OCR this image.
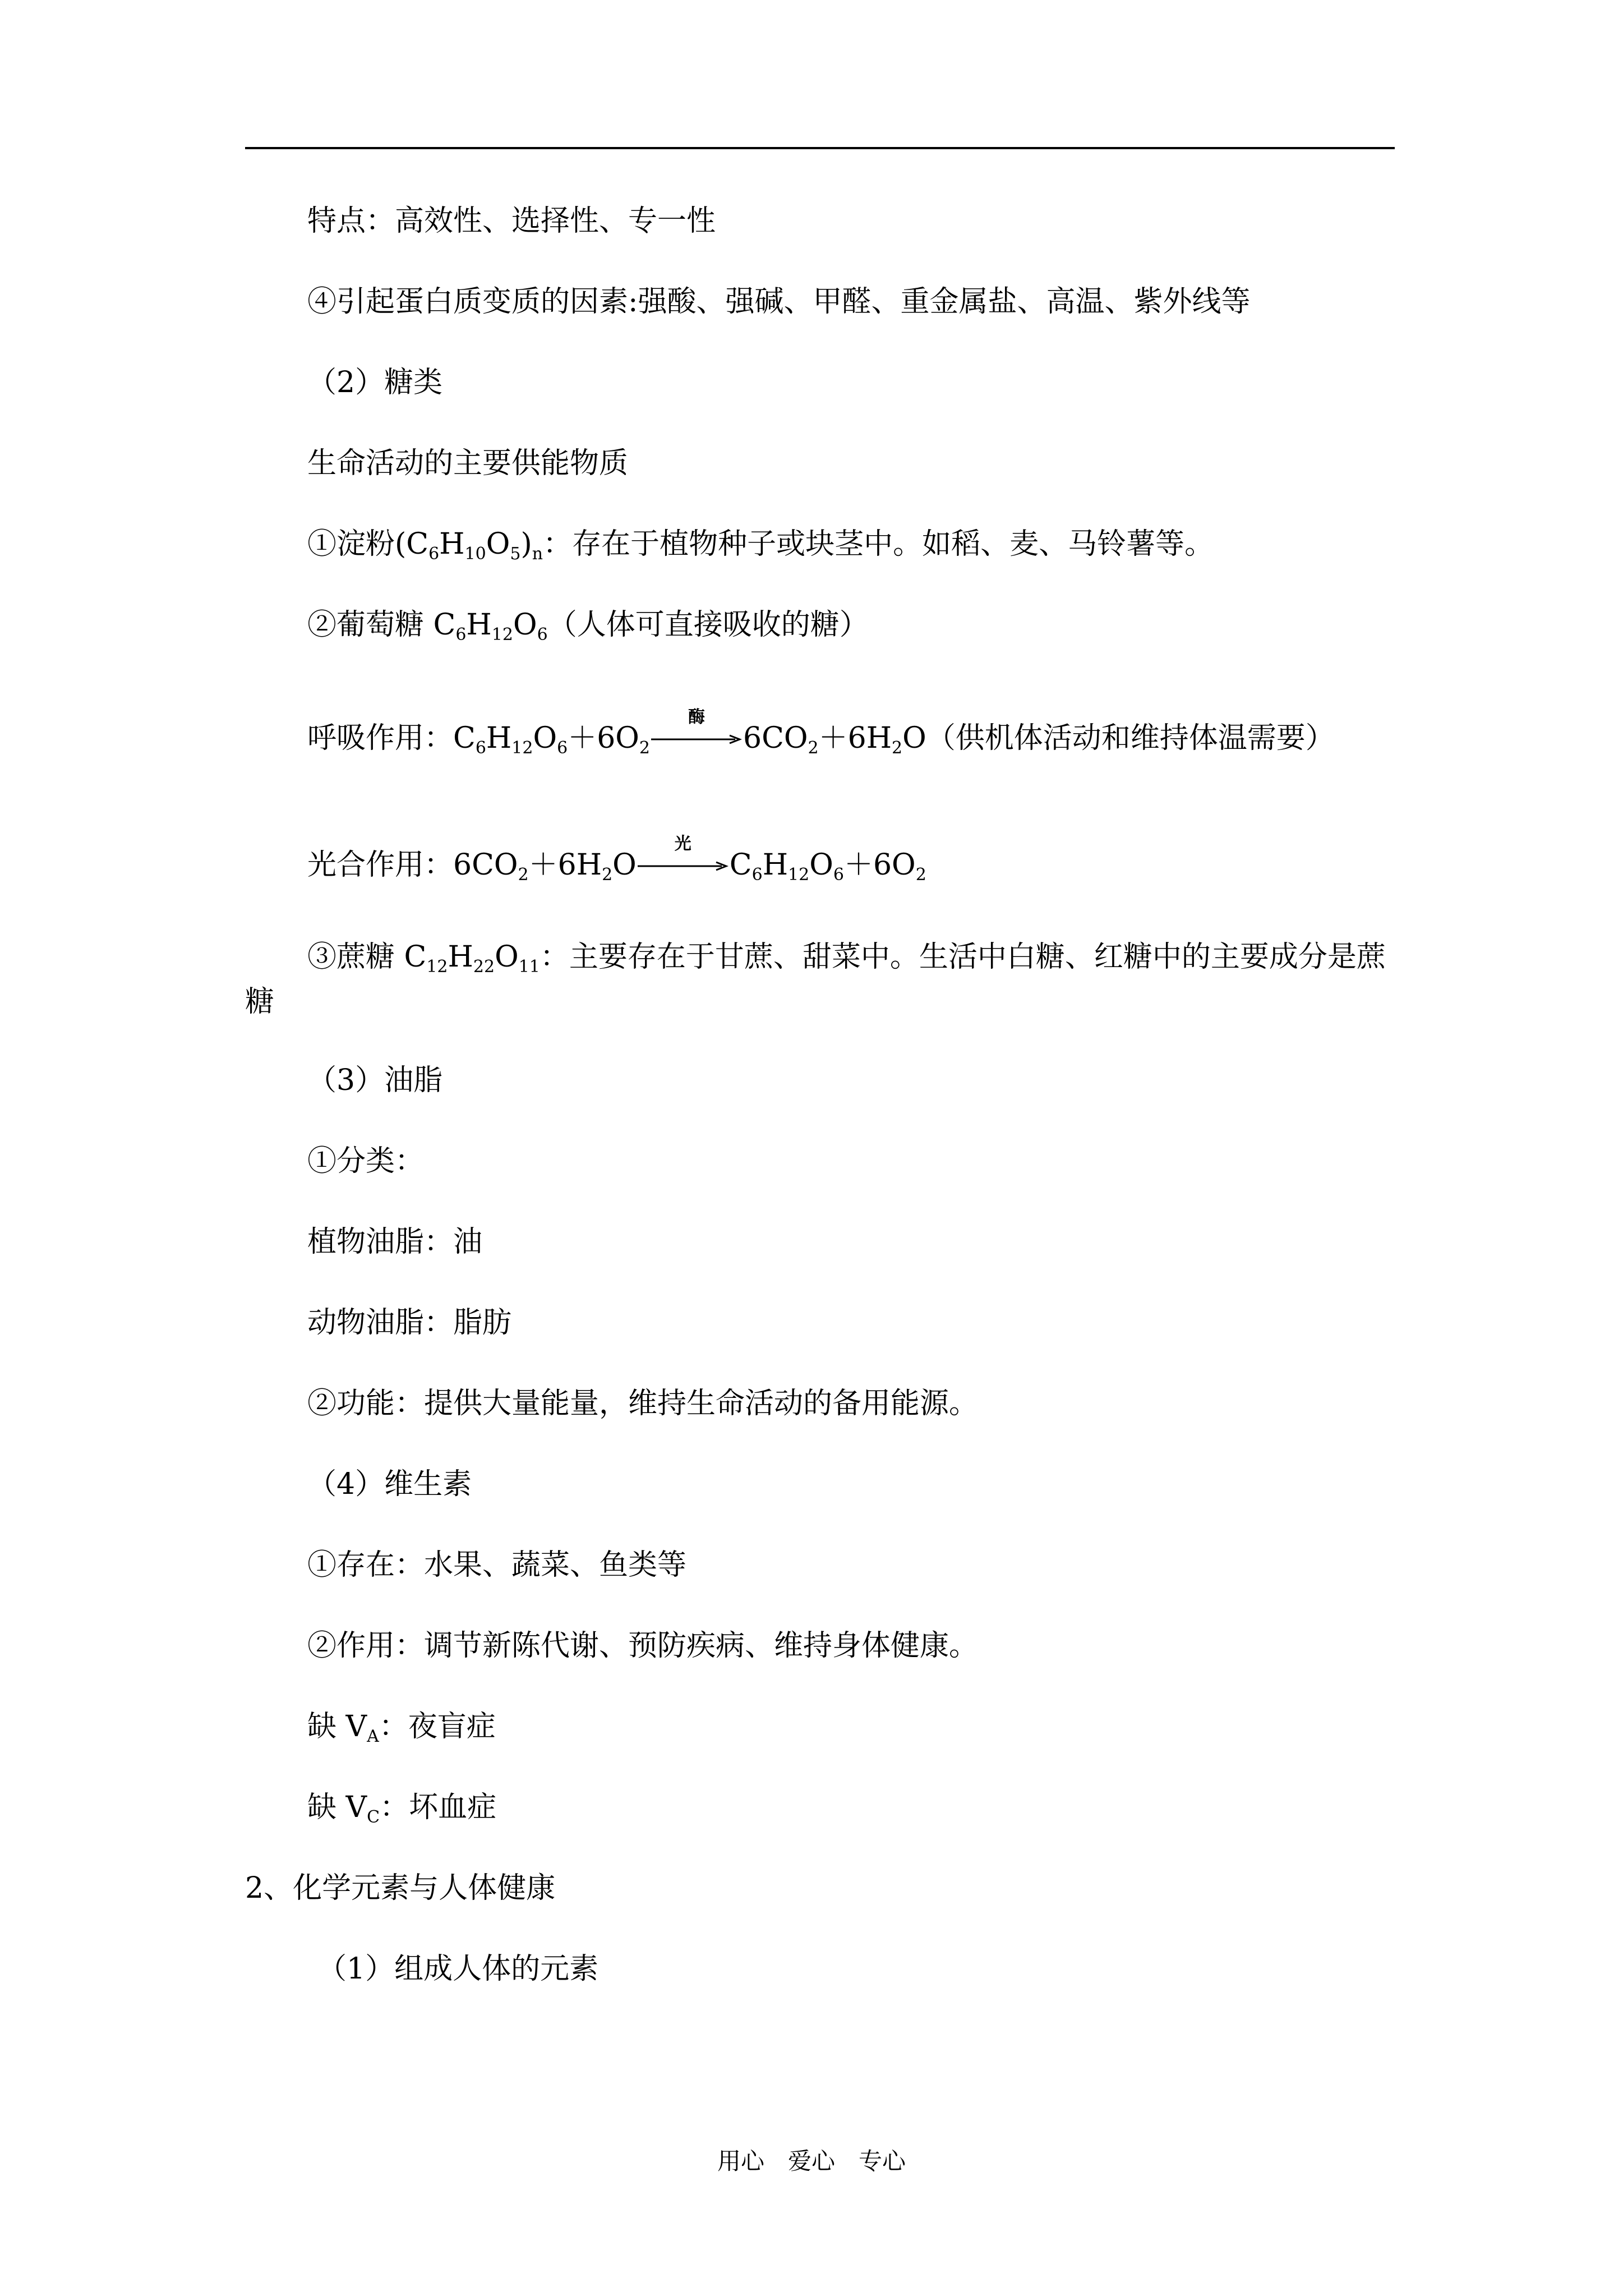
特点：高效性、选择性、专一性
④引起蛋白质变质的因素:强酸、强碱、甲醛、重金属盐、高温、紫外线等
（2）糖类
生命活动的主要供能物质
①淀粉$(C_6H_{10}O_5)_n$：存在于植物种子或块茎中。如稻、麦、马铃薯等。
②葡萄糖 $C_6H_{12}O_6$（人体可直接吸收的糖）
呼吸作用：$C_6H_{12}O_6+6O_2$
酶
$6CO_2+6H_2O$（供机体活动和维持体温需要）
光合作用：$6CO_2+6H_2O$
光
$C_6H_{12}O_6+6O_2$
③蔗糖 $C_{12}H_{22}O_{11}$：主要存在于甘蔗、甜菜中。生活中白糖、红糖中的主要成分是蔗
糖
（3）油脂
①分类：
植物油脂：油
动物油脂：脂肪
②功能：提供大量能量，维持生命活动的备用能源。
（4）维生素
①存在：水果、蔬菜、鱼类等
②作用：调节新陈代谢、预防疾病、维持身体健康。
缺 $V_A$：夜盲症
缺 $V_C$：坏血症
2、化学元素与人体健康
（1）组成人体的元素
用心　爱心　专心
